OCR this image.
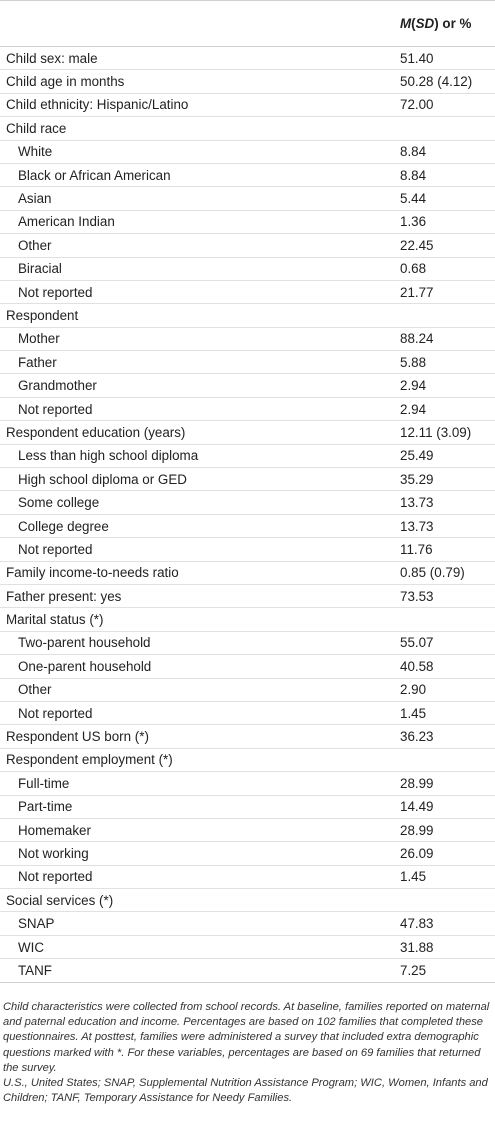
	M(SD) or %
Child sex: male	51.40
Child age in months	50.28 (4.12)
Child ethnicity: Hispanic/Latino	72.00
Child race	
White	8.84
Black or African American	8.84
Asian	5.44
American Indian	1.36
Other	22.45
Biracial	0.68
Not reported	21.77
Respondent	
Mother	88.24
Father	5.88
Grandmother	2.94
Not reported	2.94
Respondent education (years)	12.11 (3.09)
Less than high school diploma	25.49
High school diploma or GED	35.29
Some college	13.73
College degree	13.73
Not reported	11.76
Family income-to-needs ratio	0.85 (0.79)
Father present: yes	73.53
Marital status (*)	
Two-parent household	55.07
One-parent household	40.58
Other	2.90
Not reported	1.45
Respondent US born (*)	36.23
Respondent employment (*)	
Full-time	28.99
Part-time	14.49
Homemaker	28.99
Not working	26.09
Not reported	1.45
Social services (*)	
SNAP	47.83
WIC	31.88
TANF	7.25

Child characteristics were collected from school records. At baseline, families reported on maternal and paternal education and income. Percentages are based on 102 families that completed these questionnaires. At posttest, families were administered a survey that included extra demographic questions marked with *. For these variables, percentages are based on 69 families that returned the survey.

U.S., United States; SNAP, Supplemental Nutrition Assistance Program; WIC, Women, Infants and Children; TANF, Temporary Assistance for Needy Families.
